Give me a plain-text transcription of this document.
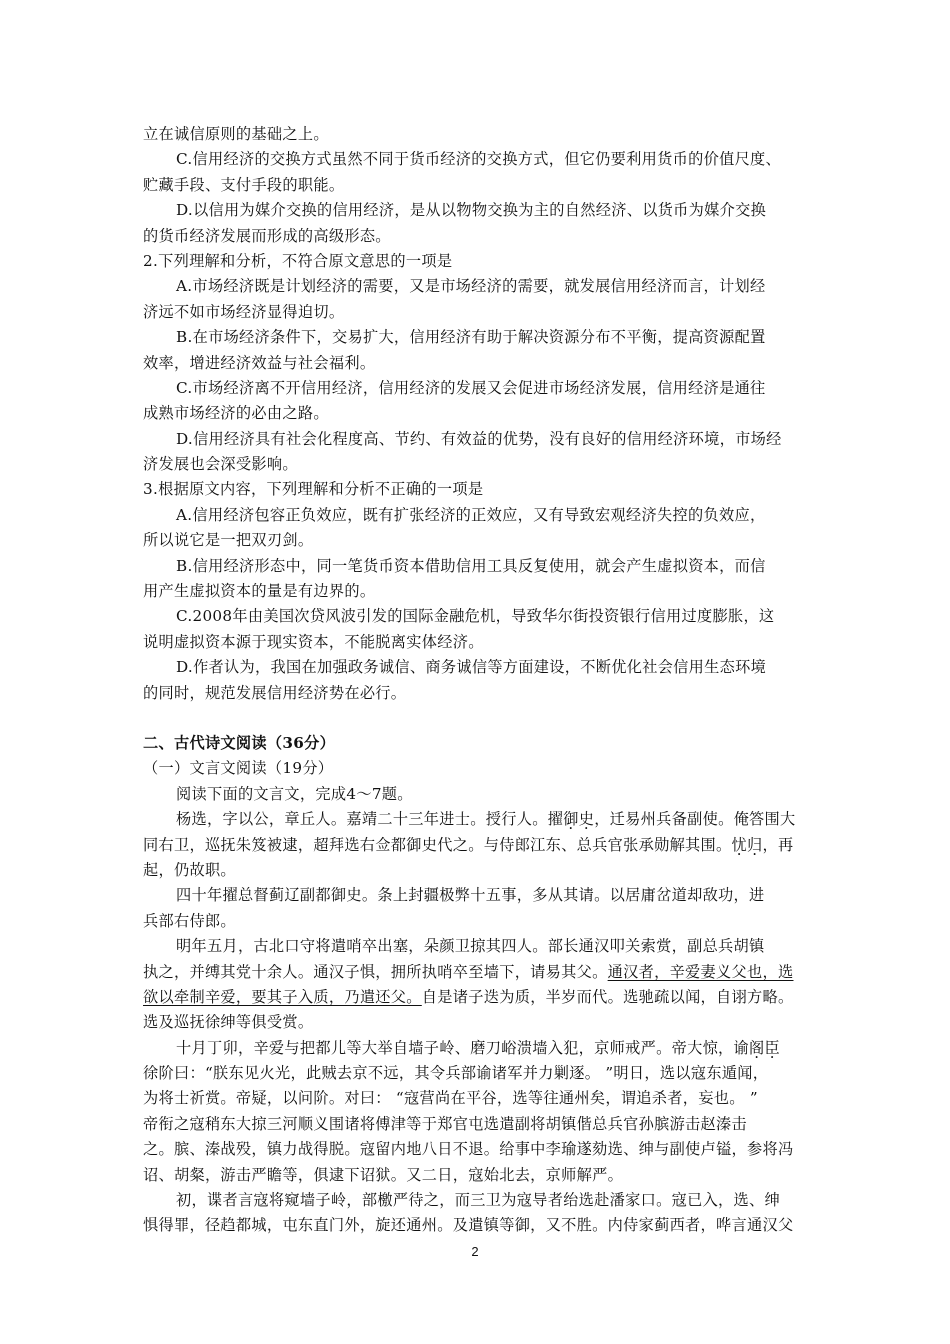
立在诚信原则的基础之上。
C.信用经济的交换方式虽然不同于货币经济的交换方式，但它仍要利用货币的价值尺度、
贮藏手段、支付手段的职能。
D.以信用为媒介交换的信用经济，是从以物物交换为主的自然经济、以货币为媒介交换
的货币经济发展而形成的高级形态。
2.下列理解和分析，不符合原文意思的一项是
A.市场经济既是计划经济的需要，又是市场经济的需要，就发展信用经济而言，计划经
济远不如市场经济显得迫切。
B.在市场经济条件下，交易扩大，信用经济有助于解决资源分布不平衡，提高资源配置
效率，增进经济效益与社会福利。
C.市场经济离不开信用经济，信用经济的发展又会促进市场经济发展，信用经济是通往
成熟市场经济的必由之路。
D.信用经济具有社会化程度高、节约、有效益的优势，没有良好的信用经济环境，市场经
济发展也会深受影响。
3.根据原文内容，下列理解和分析不正确的一项是
A.信用经济包容正负效应，既有扩张经济的正效应，又有导致宏观经济失控的负效应，
所以说它是一把双刃剑。
B.信用经济形态中，同一笔货币资本借助信用工具反复使用，就会产生虚拟资本，而信
用产生虚拟资本的量是有边界的。
C.2008年由美国次贷风波引发的国际金融危机，导致华尔街投资银行信用过度膨胀，这
说明虚拟资本源于现实资本，不能脱离实体经济。
D.作者认为，我国在加强政务诚信、商务诚信等方面建设，不断优化社会信用生态环境
的同时，规范发展信用经济势在必行。
二、古代诗文阅读（36分）
（一）文言文阅读（19分）
阅读下面的文言文，完成4～7题。
杨选，字以公，章丘人。嘉靖二十三年进士。授行人。擢御史，迁易州兵备副使。俺答围大
同右卫，巡抚朱笈被逮，超拜选右佥都御史代之。与侍郎江东、总兵官张承勋解其围。忧归，再
起，仍故职。
四十年擢总督蓟辽副都御史。条上封疆极弊十五事，多从其请。以居庸岔道却敌功，进
兵部右侍郎。
明年五月，古北口守将遣哨卒出塞，朵颜卫掠其四人。部长通汉叩关索赏，副总兵胡镇
执之，并缚其党十余人。通汉子惧，拥所执哨卒至墙下，请易其父。通汉者，辛爱妻义父也，选
欲以牵制辛爱，要其子入质，乃遣还父。自是诸子迭为质，半岁而代。选驰疏以闻，自诩方略。
选及巡抚徐绅等俱受赏。
十月丁卯，辛爱与把都儿等大举自墙子岭、磨刀峪溃墙入犯，京师戒严。帝大惊，谕阁臣
徐阶曰：“朕东见火光，此贼去京不远，其令兵部谕诸军并力剿逐。 ”明日，选以寇东遁闻，
为将士祈赏。帝疑，以问阶。对曰： “寇营尚在平谷，选等往通州矣，谓追杀者，妄也。 ”
帝衔之寇稍东大掠三河顺义围诸将傅津等于郑官屯选遣副将胡镇偕总兵官孙膑游击赵溱击
之。膑、溱战殁，镇力战得脱。寇留内地八日不退。给事中李瑜遂劾选、绅与副使卢镒，参将冯
诏、胡粲，游击严瞻等，俱逮下诏狱。又二日，寇始北去，京师解严。
初，谍者言寇将窥墙子岭，部檄严待之，而三卫为寇导者绐选赴潘家口。寇已入，选、绅
惧得罪，径趋都城，屯东直门外，旋还通州。及遣镇等御，又不胜。内侍家蓟西者，哗言通汉父
2
